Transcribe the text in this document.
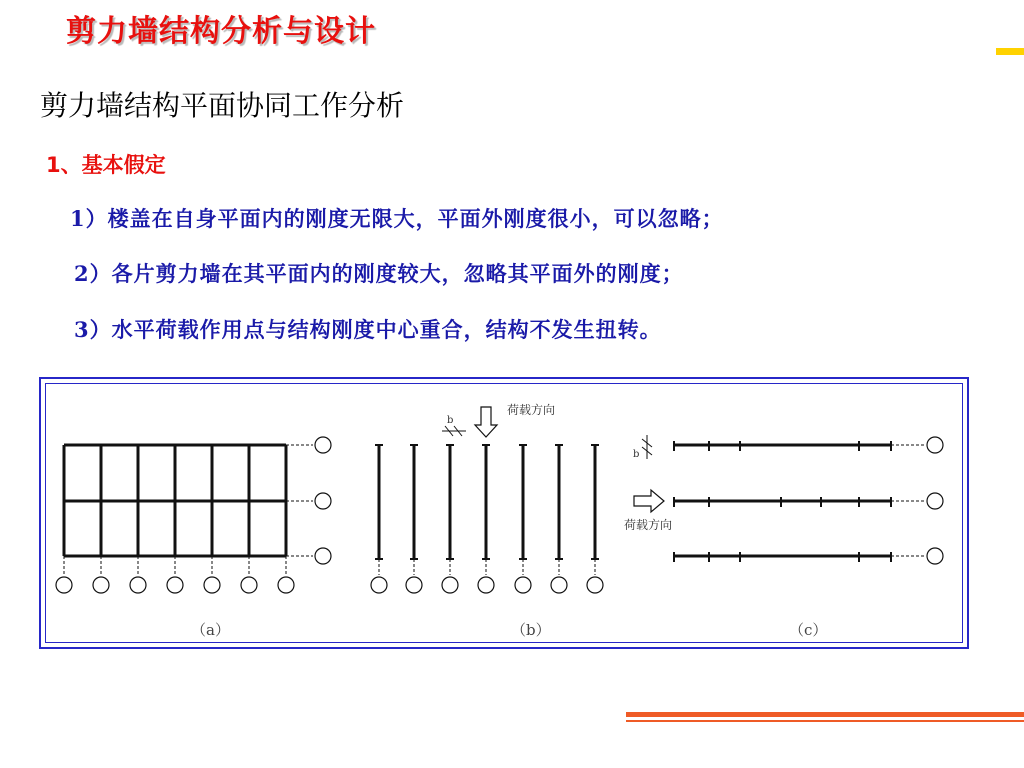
剪力墙结构分析与设计
剪力墙结构平面协同工作分析
1、基本假定
1）楼盖在自身平面内的刚度无限大，平面外刚度很小，可以忽略；
2）各片剪力墙在其平面内的刚度较大，忽略其平面外的刚度；
3）水平荷载作用点与结构刚度中心重合，结构不发生扭转。
荷载方向
荷载方向
b
b
（a）	（b）	（c）
